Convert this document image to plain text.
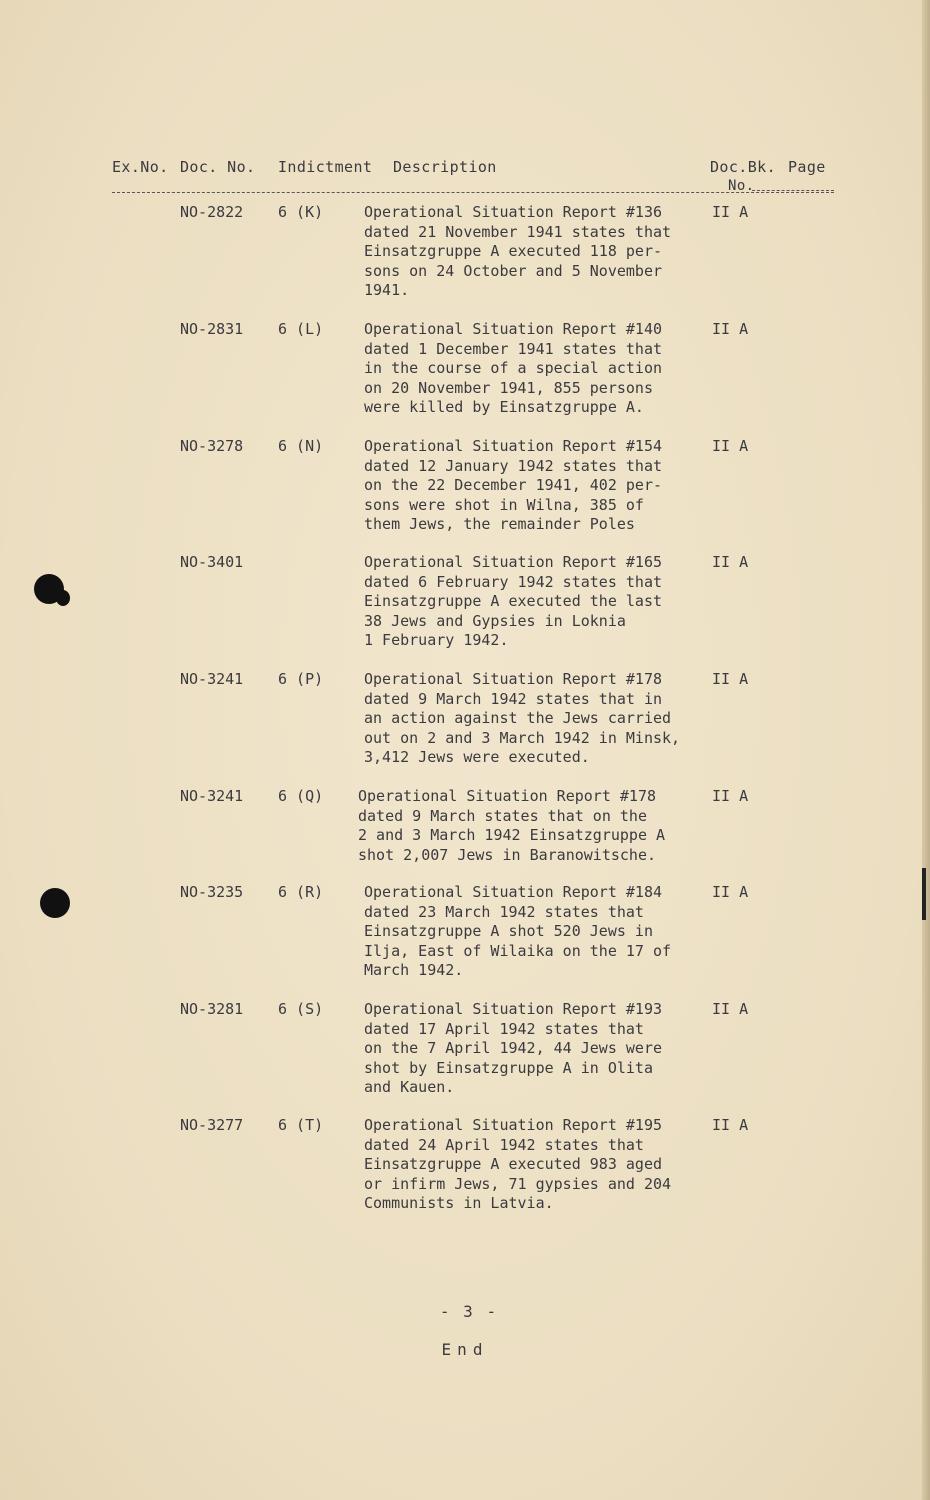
Ex.No. Doc. No. Indictment Description	Doc.Bk. Page
No.
NO-2822 6 (K)	Operational Situation Report #136
dated 21 November 1941 states that
Einsatzgruppe A executed 118 per-
sons on 24 October and 5 November
1941.
II A
NO-2831 6 (L)	Operational Situation Report #140
dated 1 December 1941 states that
in the course of a special action
on 20 November 1941, 855 persons
were killed by Einsatzgruppe A.
II A
NO-3278 6 (N)	Operational Situation Report #154
dated 12 January 1942 states that
on the 22 December 1941, 402 per-
sons were shot in Wilna, 385 of
them Jews, the remainder Poles
II A
NO-3401	Operational Situation Report #165
dated 6 February 1942 states that
Einsatzgruppe A executed the last
38 Jews and Gypsies in Loknia
1 February 1942.
II A
NO-3241 6 (P)	Operational Situation Report #178
dated 9 March 1942 states that in
an action against the Jews carried
out on 2 and 3 March 1942 in Minsk,
3,412 Jews were executed.
II A
NO-3241 6 (Q) Operational Situation Report #178
dated 9 March states that on the
2 and 3 March 1942 Einsatzgruppe A
shot 2,007 Jews in Baranowitsche.
II A
NO-3235 6 (R)	Operational Situation Report #184
dated 23 March 1942 states that
Einsatzgruppe A shot 520 Jews in
Ilja, East of Wilaika on the 17 of
March 1942.
II A
NO-3281 6 (S)	Operational Situation Report #193
dated 17 April 1942 states that
on the 7 April 1942, 44 Jews were
shot by Einsatzgruppe A in Olita
and Kauen.
II A
NO-3277 6 (T)	Operational Situation Report #195
dated 24 April 1942 states that
Einsatzgruppe A executed 983 aged
or infirm Jews, 71 gypsies and 204
Communists in Latvia.
II A
- 3 -
End
